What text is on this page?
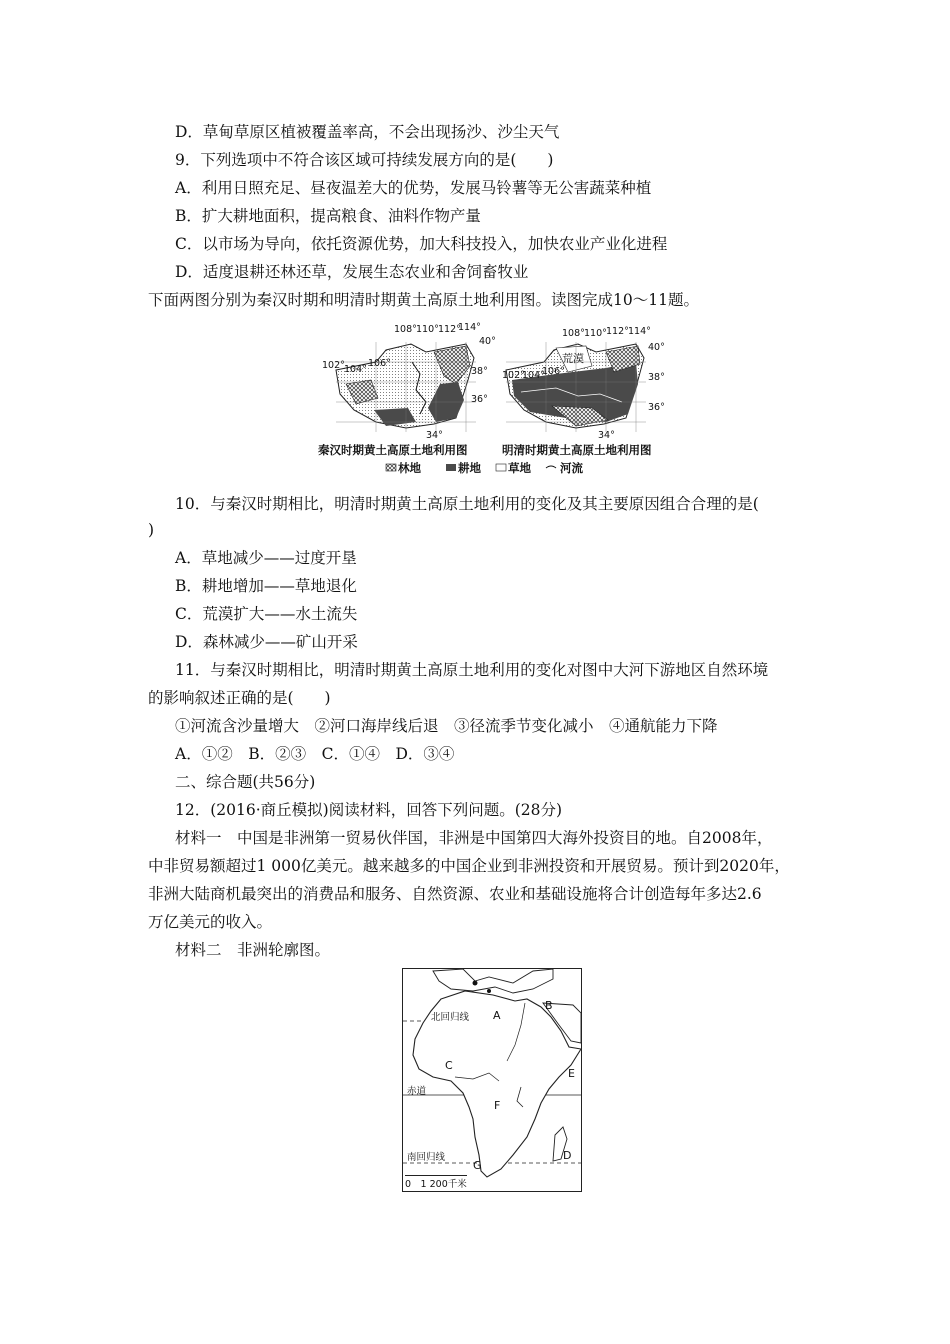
D．草甸草原区植被覆盖率高，不会出现扬沙、沙尘天气
9．下列选项中不符合该区域可持续发展方向的是(　　)
A．利用日照充足、昼夜温差大的优势，发展马铃薯等无公害蔬菜种植
B．扩大耕地面积，提高粮食、油料作物产量
C．以市场为导向，依托资源优势，加大科技投入，加快农业产业化进程
D．适度退耕还林还草，发展生态农业和舍饲畜牧业
下面两图分别为秦汉时期和明清时期黄土高原土地利用图。读图完成10～11题。
108° 110° 112°
114°
102° 104°
106°
40°
38°
36°
34°
108° 110° 112° 114°
102°
104°
106°
40°
38°
36°
34°
荒漠
秦汉时期黄土高原土地利用图	明清时期黄土高原土地利用图
林地	耕地 草地	河流
10．与秦汉时期相比，明清时期黄土高原土地利用的变化及其主要原因组合合理的是(
)
A．草地减少——过度开垦
B．耕地增加——草地退化
C．荒漠扩大——水土流失
D．森林减少——矿山开采
11．与秦汉时期相比，明清时期黄土高原土地利用的变化对图中大河下游地区自然环境
的影响叙述正确的是(　　)
①河流含沙量增大　②河口海岸线后退　③径流季节变化减小　④通航能力下降
A．①②　B．②③　C．①④　D．③④
二、综合题(共56分)
12．(2016·商丘模拟)阅读材料，回答下列问题。(28分)
材料一　中国是非洲第一贸易伙伴国，非洲是中国第四大海外投资目的地。自2008年，
中非贸易额超过1 000亿美元。越来越多的中国企业到非洲投资和开展贸易。预计到2020年，
非洲大陆商机最突出的消费品和服务、自然资源、农业和基础设施将合计创造每年多达2.6
万亿美元的收入。
材料二　非洲轮廓图。
北回归线
赤道
南回归线
0　1 200千米
A
B
C
D
E
F
G
